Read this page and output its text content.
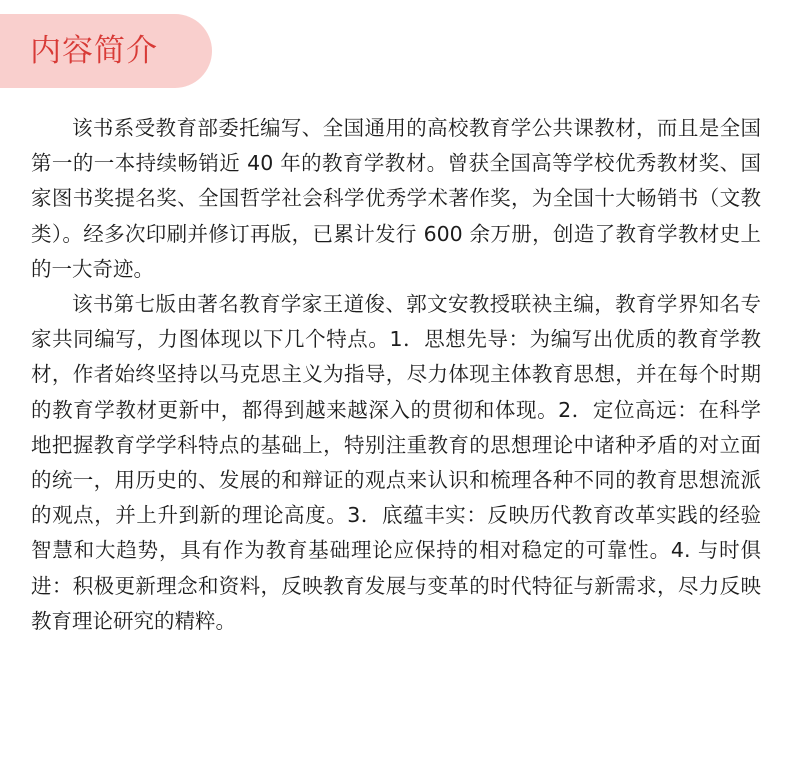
内容简介

该书系受教育部委托编写、全国通用的高校教育学公共课教材，而且是全国第一的一本持续畅销近 40 年的教育学教材。曾获全国高等学校优秀教材奖、国家图书奖提名奖、全国哲学社会科学优秀学术著作奖，为全国十大畅销书（文教类）。经多次印刷并修订再版，已累计发行 600 余万册，创造了教育学教材史上的一大奇迹。

该书第七版由著名教育学家王道俊、郭文安教授联袂主编，教育学界知名专家共同编写，力图体现以下几个特点。1．思想先导：为编写出优质的教育学教材，作者始终坚持以马克思主义为指导，尽力体现主体教育思想，并在每个时期的教育学教材更新中，都得到越来越深入的贯彻和体现。2．定位高远：在科学地把握教育学学科特点的基础上，特别注重教育的思想理论中诸种矛盾的对立面的统一，用历史的、发展的和辩证的观点来认识和梳理各种不同的教育思想流派的观点，并上升到新的理论高度。3．底蕴丰实：反映历代教育改革实践的经验智慧和大趋势，具有作为教育基础理论应保持的相对稳定的可靠性。4. 与时俱进：积极更新理念和资料，反映教育发展与变革的时代特征与新需求，尽力反映教育理论研究的精粹。
